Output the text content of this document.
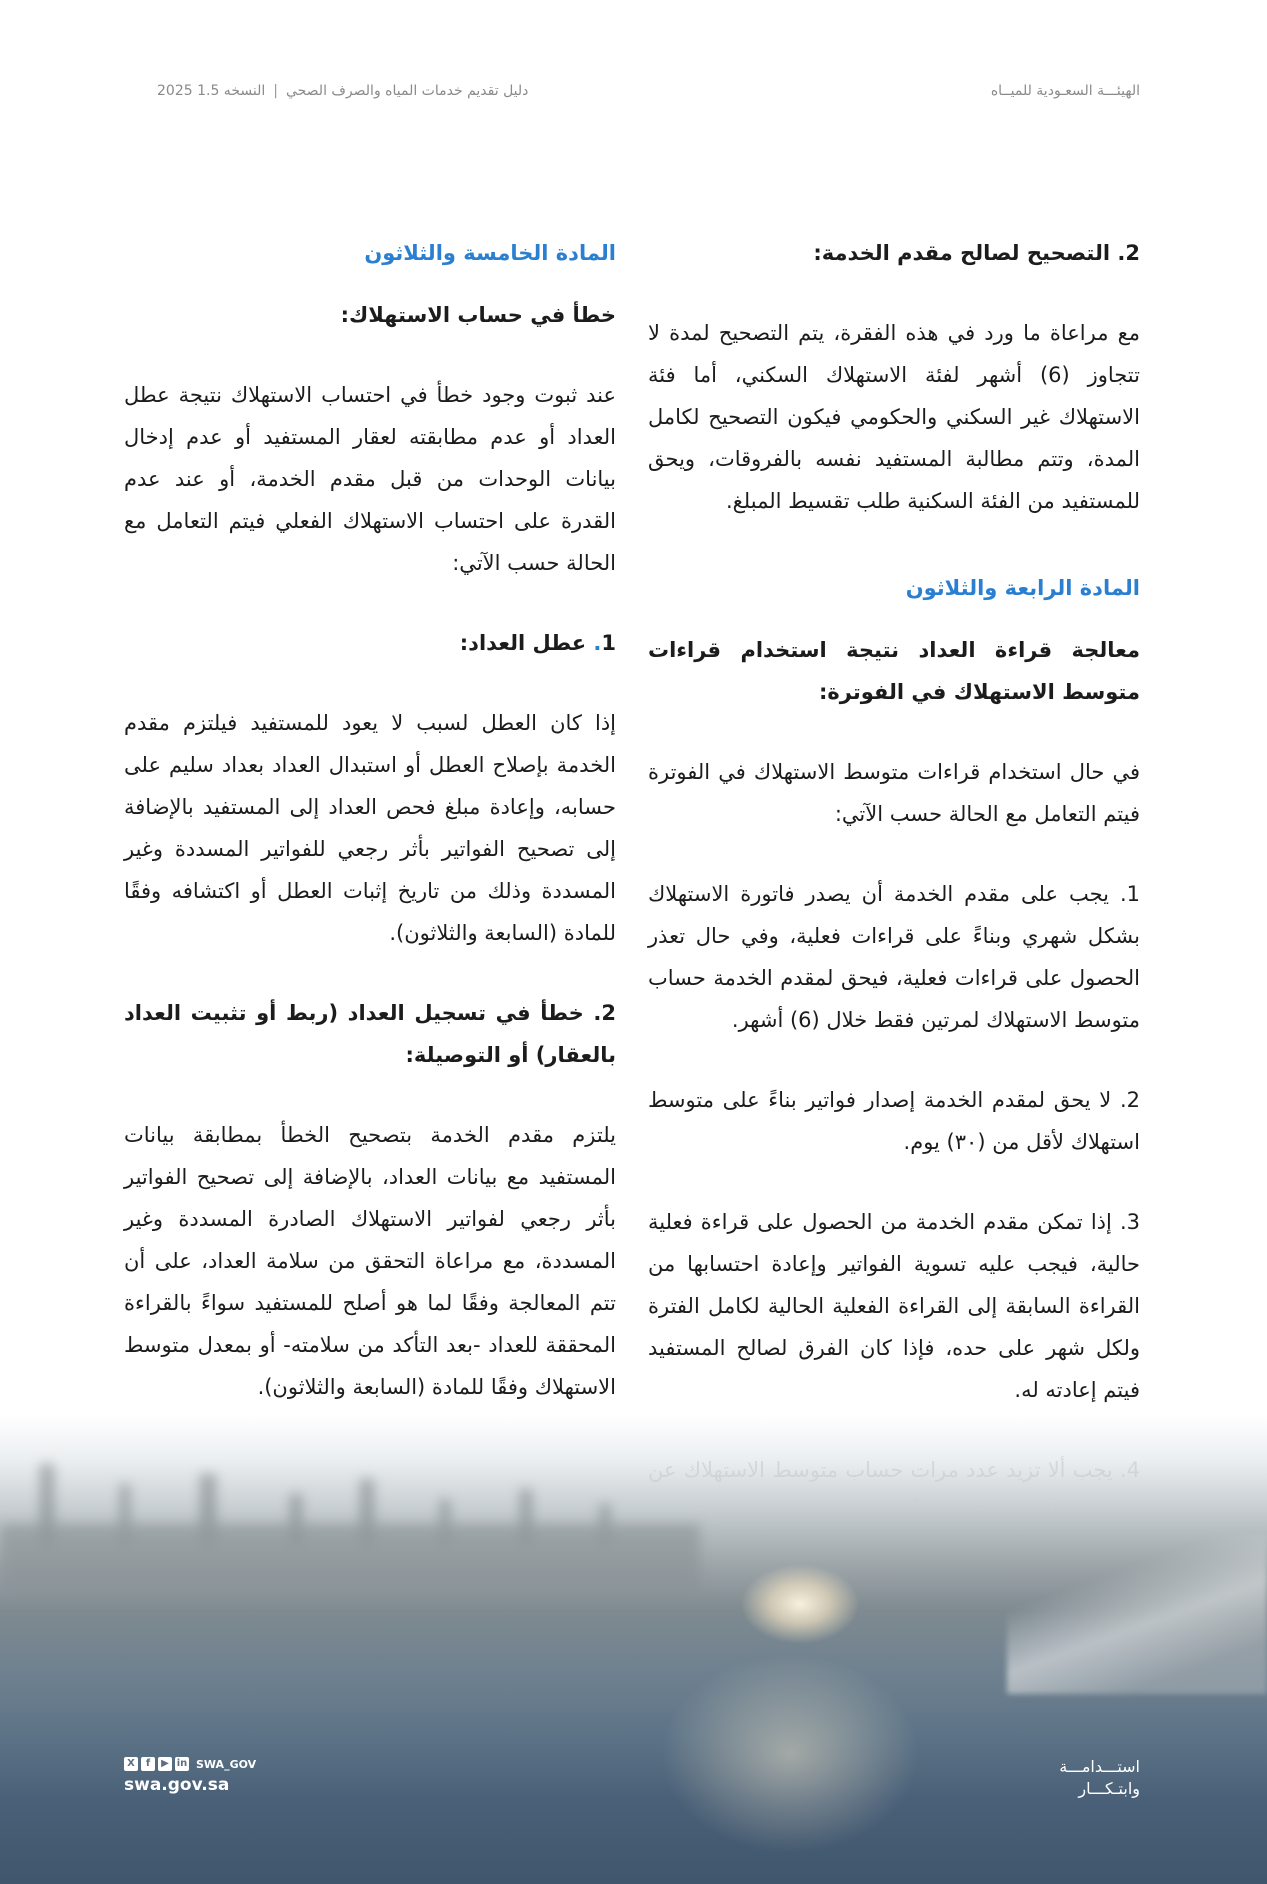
دليل تقديم خدمات المياه والصرف الصحي
|
النسخه 1.5 2025	الهيئـــة السعـودية للميــاه

2. التصحيح لصالح مقدم الخدمة:

مع مراعاة ما ورد في هذه الفقرة، يتم التصحيح لمدة لا تتجاوز (6) أشهر لفئة الاستهلاك السكني، أما فئة الاستهلاك غير السكني والحكومي فيكون التصحيح لكامل المدة، وتتم مطالبة المستفيد نفسه بالفروقات، ويحق للمستفيد من الفئة السكنية طلب تقسيط المبلغ.

المادة الرابعة والثلاثون

معالجة قراءة العداد نتيجة استخدام قراءات متوسط الاستهلاك في الفوترة:

في حال استخدام قراءات متوسط الاستهلاك في الفوترة فيتم التعامل مع الحالة حسب الآتي:

1. يجب على مقدم الخدمة أن يصدر فاتورة الاستهلاك بشكل شهري وبناءً على قراءات فعلية، وفي حال تعذر الحصول على قراءات فعلية، فيحق لمقدم الخدمة حساب متوسط الاستهلاك لمرتين فقط خلال (6) أشهر.

2. لا يحق لمقدم الخدمة إصدار فواتير بناءً على متوسط استهلاك لأقل من (٣٠) يوم.

3. إذا تمكن مقدم الخدمة من الحصول على قراءة فعلية حالية، فيجب عليه تسوية الفواتير وإعادة احتسابها من القراءة السابقة إلى القراءة الفعلية الحالية لكامل الفترة ولكل شهر على حده، فإذا كان الفرق لصالح المستفيد فيتم إعادته له.

المادة الخامسة والثلاثون

خطأ في حساب الاستهلاك:

عند ثبوت وجود خطأ في احتساب الاستهلاك نتيجة عطل العداد أو عدم مطابقته لعقار المستفيد أو عدم إدخال بيانات الوحدات من قبل مقدم الخدمة، أو عند عدم القدرة على احتساب الاستهلاك الفعلي فيتم التعامل مع الحالة حسب الآتي:

1. عطل العداد:

إذا كان العطل لسبب لا يعود للمستفيد فيلتزم مقدم الخدمة بإصلاح العطل أو استبدال العداد بعداد سليم على حسابه، وإعادة مبلغ فحص العداد إلى المستفيد بالإضافة إلى تصحيح الفواتير بأثر رجعي للفواتير المسددة وغير المسددة وذلك من تاريخ إثبات العطل أو اكتشافه وفقًا للمادة (السابعة والثلاثون).

2. خطأ في تسجيل العداد (ربط أو تثبيت العداد بالعقار) أو التوصيلة:

يلتزم مقدم الخدمة بتصحيح الخطأ بمطابقة بيانات المستفيد مع بيانات العداد، بالإضافة إلى تصحيح الفواتير بأثر رجعي لفواتير الاستهلاك الصادرة المسددة وغير المسددة، مع مراعاة التحقق من سلامة العداد، على أن تتم المعالجة وفقًا لما هو أصلح للمستفيد سواءً بالقراءة المحققة للعداد -بعد التأكد من سلامته- أو بمعدل متوسط الاستهلاك وفقًا للمادة (السابعة والثلاثون).

X	f	▶ in SWA_GOV
swa.gov.sa
استـــدامـــة
وابتـكـــار
